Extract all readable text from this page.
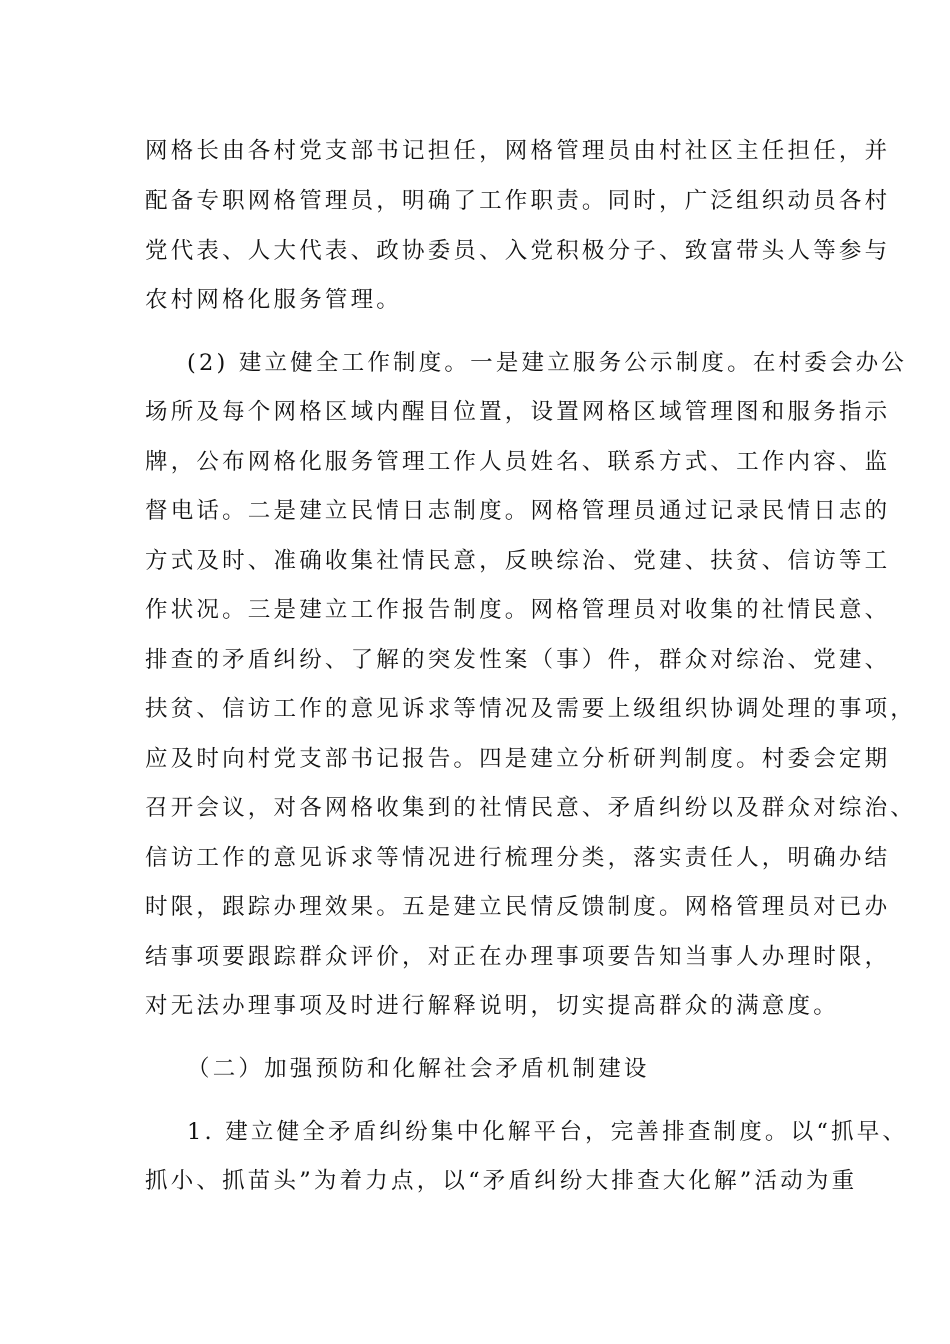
网格长由各村党支部书记担任，网格管理员由村社区主任担任，并
配备专职网格管理员，明确了工作职责。同时，广泛组织动员各村
党代表、人大代表、政协委员、入党积极分子、致富带头人等参与
农村网格化服务管理。
(2) 建立健全工作制度。一是建立服务公示制度。在村委会办公
场所及每个网格区域内醒目位置，设置网格区域管理图和服务指示
牌，公布网格化服务管理工作人员姓名、联系方式、工作内容、监
督电话。二是建立民情日志制度。网格管理员通过记录民情日志的
方式及时、准确收集社情民意，反映综治、党建、扶贫、信访等工
作状况。三是建立工作报告制度。网格管理员对收集的社情民意、
排查的矛盾纠纷、了解的突发性案（事）件，群众对综治、党建、
扶贫、信访工作的意见诉求等情况及需要上级组织协调处理的事项，
应及时向村党支部书记报告。四是建立分析研判制度。村委会定期
召开会议，对各网格收集到的社情民意、矛盾纠纷以及群众对综治、
信访工作的意见诉求等情况进行梳理分类，落实责任人，明确办结
时限，跟踪办理效果。五是建立民情反馈制度。网格管理员对已办
结事项要跟踪群众评价，对正在办理事项要告知当事人办理时限，
对无法办理事项及时进行解释说明，切实提高群众的满意度。
（二）加强预防和化解社会矛盾机制建设
1. 建立健全矛盾纠纷集中化解平台，完善排查制度。以“抓早、
抓小、抓苗头”为着力点，以“矛盾纠纷大排查大化解”活动为重
